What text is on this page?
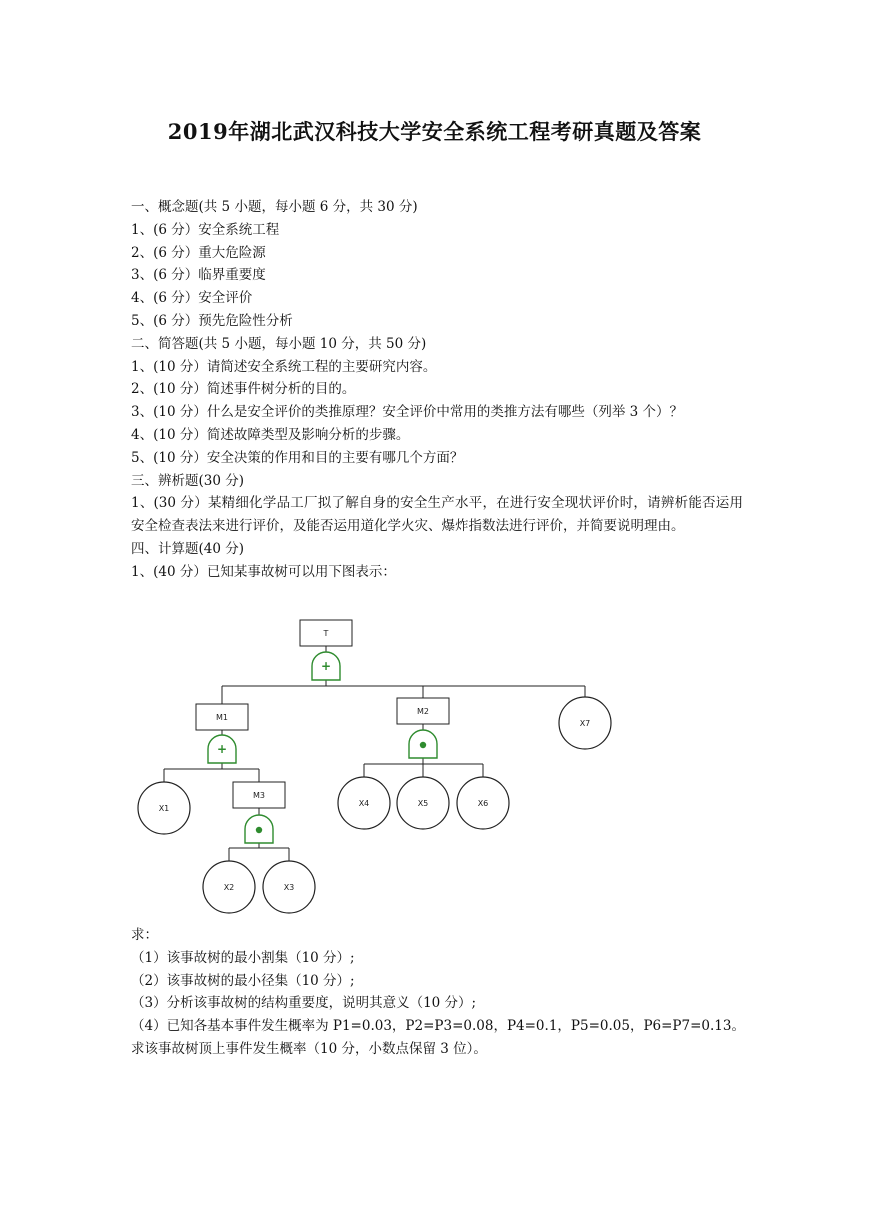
2019年湖北武汉科技大学安全系统工程考研真题及答案
一、概念题(共 5 小题，每小题 6 分，共 30 分)
1、(6 分）安全系统工程
2、(6 分）重大危险源
3、(6 分）临界重要度
4、(6 分）安全评价
5、(6 分）预先危险性分析
二、简答题(共 5 小题，每小题 10 分，共 50 分)
1、(10 分）请简述安全系统工程的主要研究内容。
2、(10 分）简述事件树分析的目的。
3、(10 分）什么是安全评价的类推原理？安全评价中常用的类推方法有哪些（列举 3 个）？
4、(10 分）简述故障类型及影响分析的步骤。
5、(10 分）安全决策的作用和目的主要有哪几个方面？
三、辨析题(30 分)
1、(30 分）某精细化学品工厂拟了解自身的安全生产水平，在进行安全现状评价时，请辨析能否运用安全检查表法来进行评价，及能否运用道化学火灾、爆炸指数法进行评价，并简要说明理由。
四、计算题(40 分)
1、(40 分）已知某事故树可以用下图表示：
T
M1
M2
M3
+
+
X7
X1
X4	X5	X6
X2	X3
求：
（1）该事故树的最小割集（10 分）;
（2）该事故树的最小径集（10 分）;
（3）分析该事故树的结构重要度，说明其意义（10 分）;
（4）已知各基本事件发生概率为 P1=0.03，P2=P3=0.08，P4=0.1，P5=0.05，P6=P7=0.13。
求该事故树顶上事件发生概率（10 分，小数点保留 3 位）。
